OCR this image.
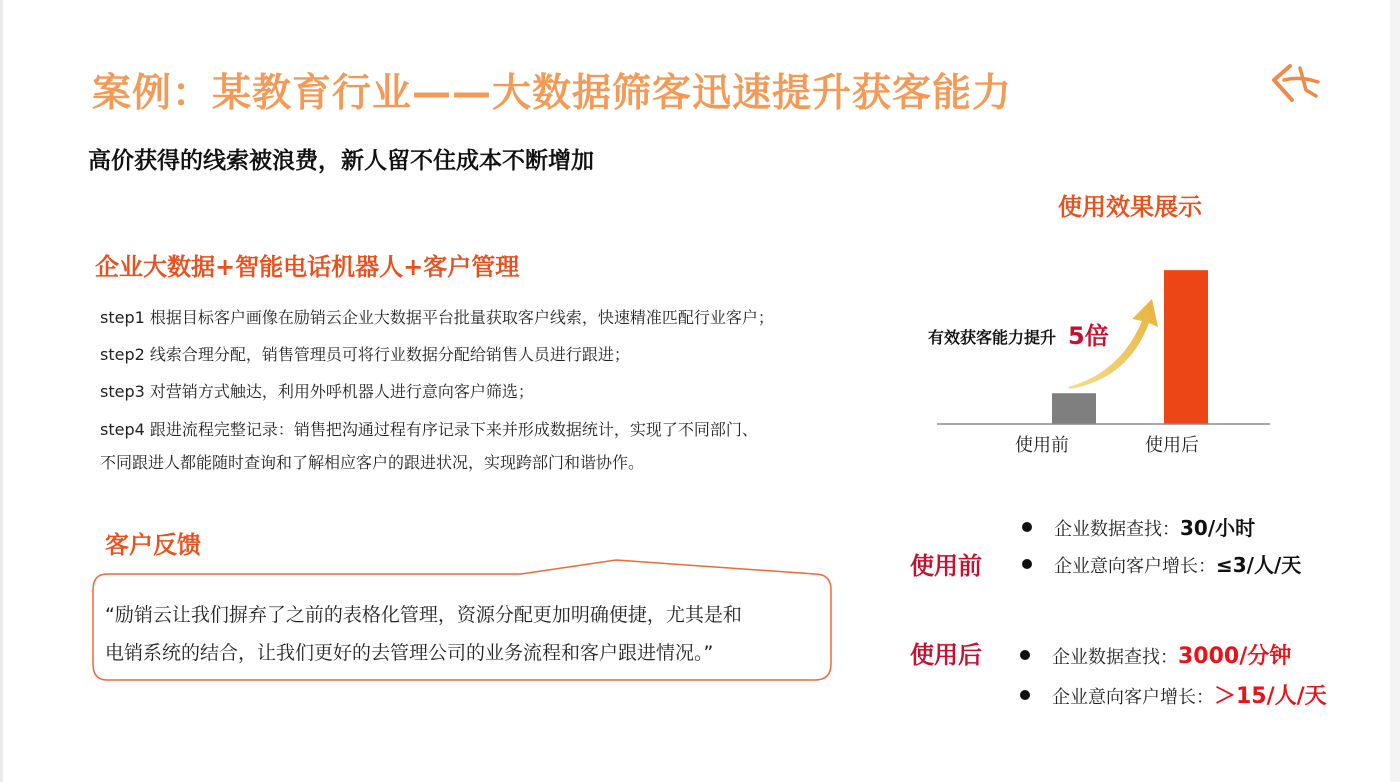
案例：某教育行业——大数据筛客迅速提升获客能力
高价获得的线索被浪费，新人留不住成本不断增加
企业大数据+智能电话机器人+客户管理
step1 根据目标客户画像在励销云企业大数据平台批量获取客户线索，快速精准匹配行业客户；
step2 线索合理分配，销售管理员可将行业数据分配给销售人员进行跟进；
step3 对营销方式触达，利用外呼机器人进行意向客户筛选；
step4 跟进流程完整记录：销售把沟通过程有序记录下来并形成数据统计，实现了不同部门、
不同跟进人都能随时查询和了解相应客户的跟进状况，实现跨部门和谐协作。
客户反馈
“励销云让我们摒弃了之前的表格化管理，资源分配更加明确便捷，尤其是和
电销系统的结合，让我们更好的去管理公司的业务流程和客户跟进情况。”
使用效果展示
有效获客能力提升 5倍
使用前	使用后
使用前
企业数据查找：30/小时
企业意向客户增长：≤3/人/天
使用后	企业数据查找：3000/分钟
企业意向客户增长：＞15/人/天
